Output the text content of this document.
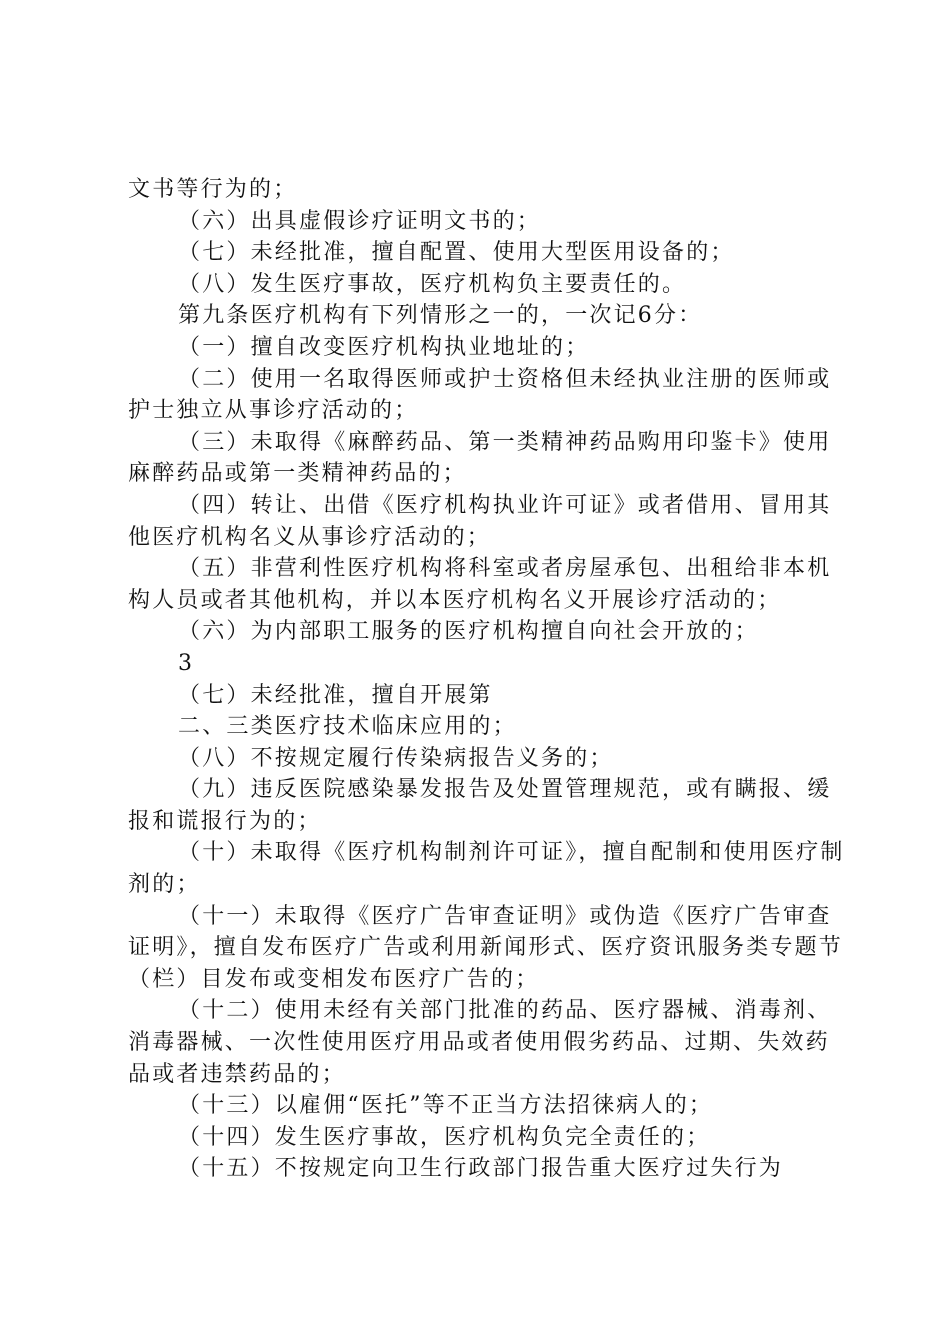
文书等行为的；

（六）出具虚假诊疗证明文书的；

（七）未经批准，擅自配置、使用大型医用设备的；

（八）发生医疗事故，医疗机构负主要责任的。

第九条医疗机构有下列情形之一的，一次记6分：

（一）擅自改变医疗机构执业地址的；

（二）使用一名取得医师或护士资格但未经执业注册的医师或护士独立从事诊疗活动的；

（三）未取得《麻醉药品、第一类精神药品购用印鉴卡》使用麻醉药品或第一类精神药品的；

（四）转让、出借《医疗机构执业许可证》或者借用、冒用其他医疗机构名义从事诊疗活动的；

（五）非营利性医疗机构将科室或者房屋承包、出租给非本机构人员或者其他机构，并以本医疗机构名义开展诊疗活动的；

（六）为内部职工服务的医疗机构擅自向社会开放的；

3

（七）未经批准，擅自开展第

二、三类医疗技术临床应用的；

（八）不按规定履行传染病报告义务的；

（九）违反医院感染暴发报告及处置管理规范，或有瞒报、缓报和谎报行为的；

（十）未取得《医疗机构制剂许可证》，擅自配制和使用医疗制剂的；

（十一）未取得《医疗广告审查证明》或伪造《医疗广告审查证明》，擅自发布医疗广告或利用新闻形式、医疗资讯服务类专题节（栏）目发布或变相发布医疗广告的；

（十二）使用未经有关部门批准的药品、医疗器械、消毒剂、消毒器械、一次性使用医疗用品或者使用假劣药品、过期、失效药品或者违禁药品的；

（十三）以雇佣“医托”等不正当方法招徕病人的；

（十四）发生医疗事故，医疗机构负完全责任的；

（十五）不按规定向卫生行政部门报告重大医疗过失行为
